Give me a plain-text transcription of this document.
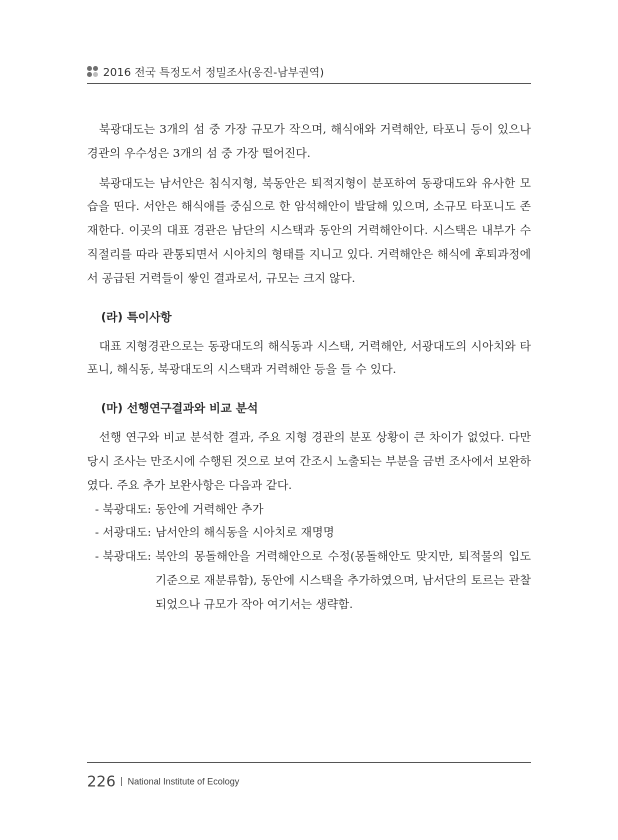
2016 전국 특정도서 정밀조사(옹진-남부권역)

북광대도는 3개의 섬 중 가장 규모가 작으며, 해식애와 거력해안, 타포니 등이 있으나 경관의 우수성은 3개의 섬 중 가장 떨어진다.

북광대도는 남서안은 침식지형, 북동안은 퇴적지형이 분포하여 동광대도와 유사한 모습을 띤다. 서안은 해식애를 중심으로 한 암석해안이 발달해 있으며, 소규모 타포니도 존재한다. 이곳의 대표 경관은 남단의 시스택과 동안의 거력해안이다. 시스택은 내부가 수직절리를 따라 관통되면서 시아치의 형태를 지니고 있다. 거력해안은 해식에 후퇴과정에서 공급된 거력들이 쌓인 결과로서, 규모는 크지 않다.

(라) 특이사항

대표 지형경관으로는 동광대도의 해식동과 시스택, 거력해안, 서광대도의 시아치와 타포니, 해식동, 북광대도의 시스택과 거력해안 등을 들 수 있다.

(마) 선행연구결과와 비교 분석

선행 연구와 비교 분석한 결과, 주요 지형 경관의 분포 상황이 큰 차이가 없었다. 다만 당시 조사는 만조시에 수행된 것으로 보여 간조시 노출되는 부분을 금번 조사에서 보완하였다. 주요 추가 보완사항은 다음과 같다.

- 북광대도: 동안에 거력해안 추가
- 서광대도: 남서안의 해식동을 시아치로 재명명
- 북광대도: 북안의 몽돌해안을 거력해안으로 수정(몽돌해안도 맞지만, 퇴적물의 입도 기준으로 재분류함), 동안에 시스택을 추가하였으며, 남서단의 토르는 관찰되었으나 규모가 작아 여기서는 생략함.
226 National Institute of Ecology
